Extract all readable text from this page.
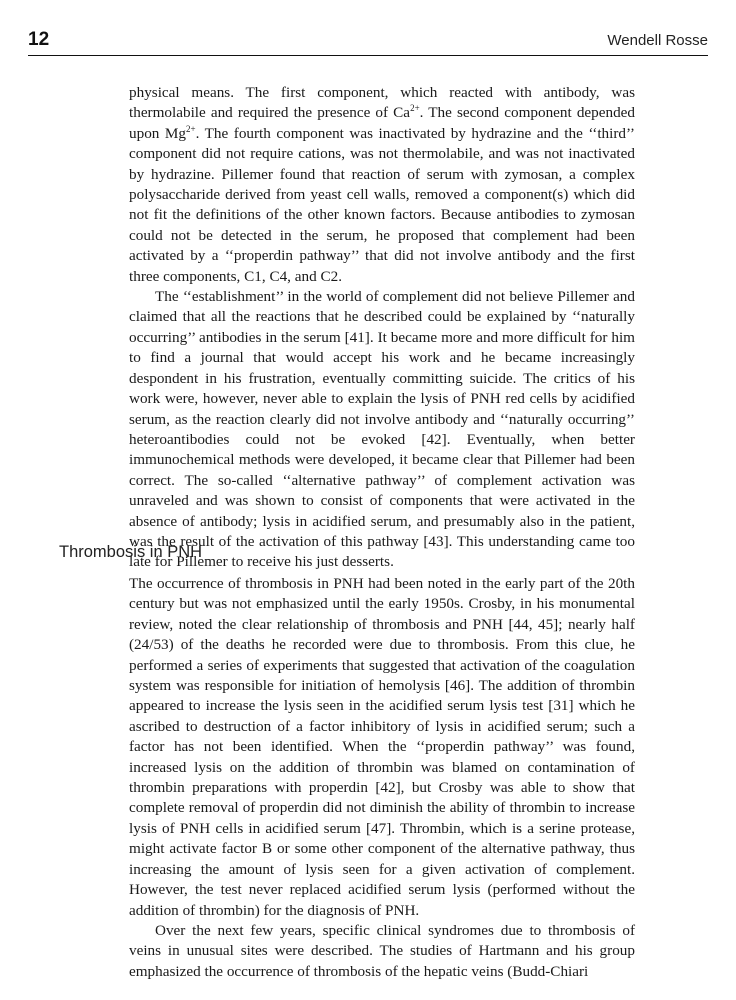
12	Wendell Rosse

physical means. The first component, which reacted with antibody, was thermolabile and required the presence of $Ca^{2+}$. The second component depended upon $Mg^{2+}$. The fourth component was inactivated by hydrazine and the ‘‘third’’ component did not require cations, was not thermolabile, and was not inactivated by hydrazine. Pillemer found that reaction of serum with zymosan, a complex polysaccharide derived from yeast cell walls, removed a component(s) which did not fit the definitions of the other known factors. Because antibodies to zymosan could not be detected in the serum, he proposed that complement had been activated by a ‘‘properdin pathway’’ that did not involve antibody and the first three components, C1, C4, and C2.

The ‘‘establishment’’ in the world of complement did not believe Pillemer and claimed that all the reactions that he described could be explained by ‘‘naturally occurring’’ antibodies in the serum [41]. It became more and more difficult for him to find a journal that would accept his work and he became increasingly despondent in his frustration, eventually committing suicide. The critics of his work were, however, never able to explain the lysis of PNH red cells by acidified serum, as the reaction clearly did not involve antibody and ‘‘naturally occurring’’ heteroantibodies could not be evoked [42]. Eventually, when better immunochemical methods were developed, it became clear that Pillemer had been correct. The so-called ‘‘alternative pathway’’ of complement activation was unraveled and was shown to consist of components that were activated in the absence of antibody; lysis in acidified serum, and presumably also in the patient, was the result of the activation of this pathway [43]. This understanding came too late for Pillemer to receive his just desserts.

Thrombosis in PNH

The occurrence of thrombosis in PNH had been noted in the early part of the 20th century but was not emphasized until the early 1950s. Crosby, in his monumental review, noted the clear relationship of thrombosis and PNH [44, 45]; nearly half (24/53) of the deaths he recorded were due to thrombosis. From this clue, he performed a series of experiments that suggested that activation of the coagulation system was responsible for initiation of hemolysis [46]. The addition of thrombin appeared to increase the lysis seen in the acidified serum lysis test [31] which he ascribed to destruction of a factor inhibitory of lysis in acidified serum; such a factor has not been identified. When the ‘‘properdin pathway’’ was found, increased lysis on the addition of thrombin was blamed on contamination of thrombin preparations with properdin [42], but Crosby was able to show that complete removal of properdin did not diminish the ability of thrombin to increase lysis of PNH cells in acidified serum [47]. Thrombin, which is a serine protease, might activate factor B or some other component of the alternative pathway, thus increasing the amount of lysis seen for a given activation of complement. However, the test never replaced acidified serum lysis (performed without the addition of thrombin) for the diagnosis of PNH.

Over the next few years, specific clinical syndromes due to thrombosis of veins in unusual sites were described. The studies of Hartmann and his group emphasized the occurrence of thrombosis of the hepatic veins (Budd-Chiari
